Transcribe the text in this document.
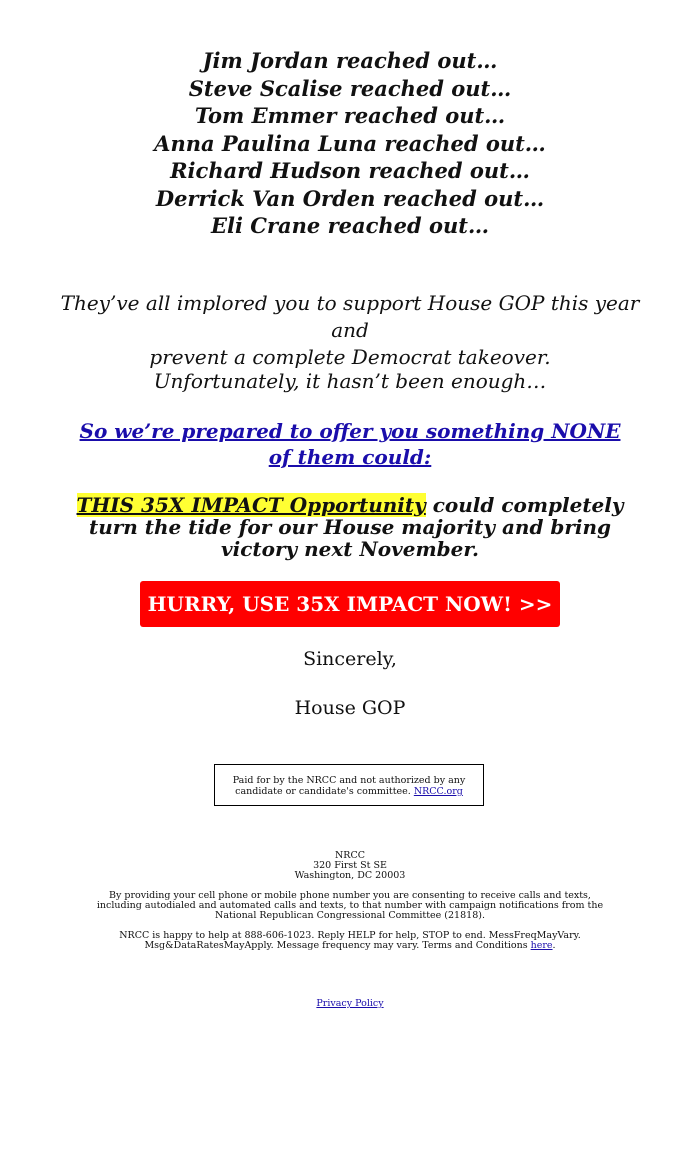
Jim Jordan reached out…
Steve Scalise reached out…
Tom Emmer reached out…
Anna Paulina Luna reached out…
Richard Hudson reached out…
Derrick Van Orden reached out…
Eli Crane reached out…
They’ve all implored you to support House GOP this year and
prevent a complete Democrat takeover.
Unfortunately, it hasn’t been enough…
So we’re prepared to offer you something NONE of them could:
THIS 35X IMPACT Opportunity could completely turn the tide for our House majority and bring victory next November.
HURRY, USE 35X IMPACT NOW! >>
Sincerely,
House GOP
Paid for by the NRCC and not authorized by any
candidate or candidate's committee. NRCC.org

NRCC
320 First St SE
Washington, DC 20003

By providing your cell phone or mobile phone number you are consenting to receive calls and texts, including autodialed and automated calls and texts, to that number with campaign notifications from the National Republican Congressional Committee (21818).

NRCC is happy to help at 888-606-1023. Reply HELP for help, STOP to end. MessFreqMayVary.
Msg&DataRatesMayApply. Message frequency may vary. Terms and Conditions here.

Privacy Policy
